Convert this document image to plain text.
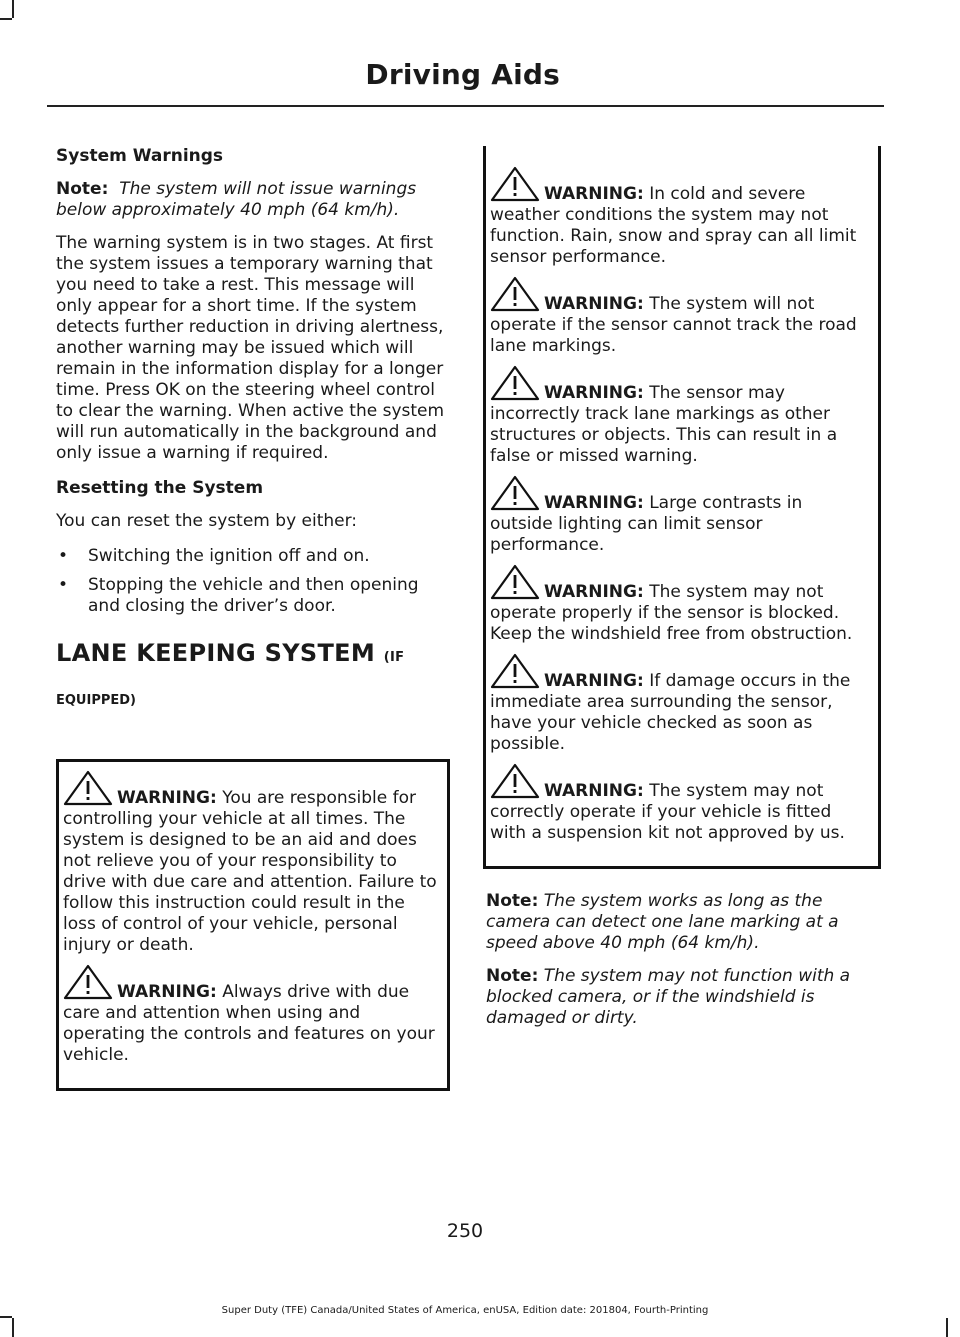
Driving Aids

System Warnings

Note: The system will not issue warnings below approximately 40 mph (64 km/h).

The warning system is in two stages. At first the system issues a temporary warning that you need to take a rest. This message will only appear for a short time. If the system detects further reduction in driving alertness, another warning may be issued which will remain in the information display for a longer time. Press OK on the steering wheel control to clear the warning. When active the system will run automatically in the background and only issue a warning if required.

Resetting the System

You can reset the system by either:

• Switching the ignition off and on.
• Stopping the vehicle and then opening and closing the driver’s door.

LANE KEEPING SYSTEM (IF

EQUIPPED)

WARNING: You are responsible for controlling your vehicle at all times. The system is designed to be an aid and does not relieve you of your responsibility to drive with due care and attention. Failure to follow this instruction could result in the loss of control of your vehicle, personal injury or death.

WARNING: Always drive with due care and attention when using and operating the controls and features on your vehicle.

WARNING: In cold and severe weather conditions the system may not function. Rain, snow and spray can all limit sensor performance.

WARNING: The system will not operate if the sensor cannot track the road lane markings.

WARNING: The sensor may incorrectly track lane markings as other structures or objects. This can result in a false or missed warning.

WARNING: Large contrasts in outside lighting can limit sensor performance.

WARNING: The system may not operate properly if the sensor is blocked. Keep the windshield free from obstruction.

WARNING: If damage occurs in the immediate area surrounding the sensor, have your vehicle checked as soon as possible.

WARNING: The system may not correctly operate if your vehicle is fitted with a suspension kit not approved by us.

Note: The system works as long as the camera can detect one lane marking at a speed above 40 mph (64 km/h).

Note: The system may not function with a blocked camera, or if the windshield is damaged or dirty.

250
Super Duty (TFE) Canada/United States of America, enUSA, Edition date: 201804, Fourth-Printing
